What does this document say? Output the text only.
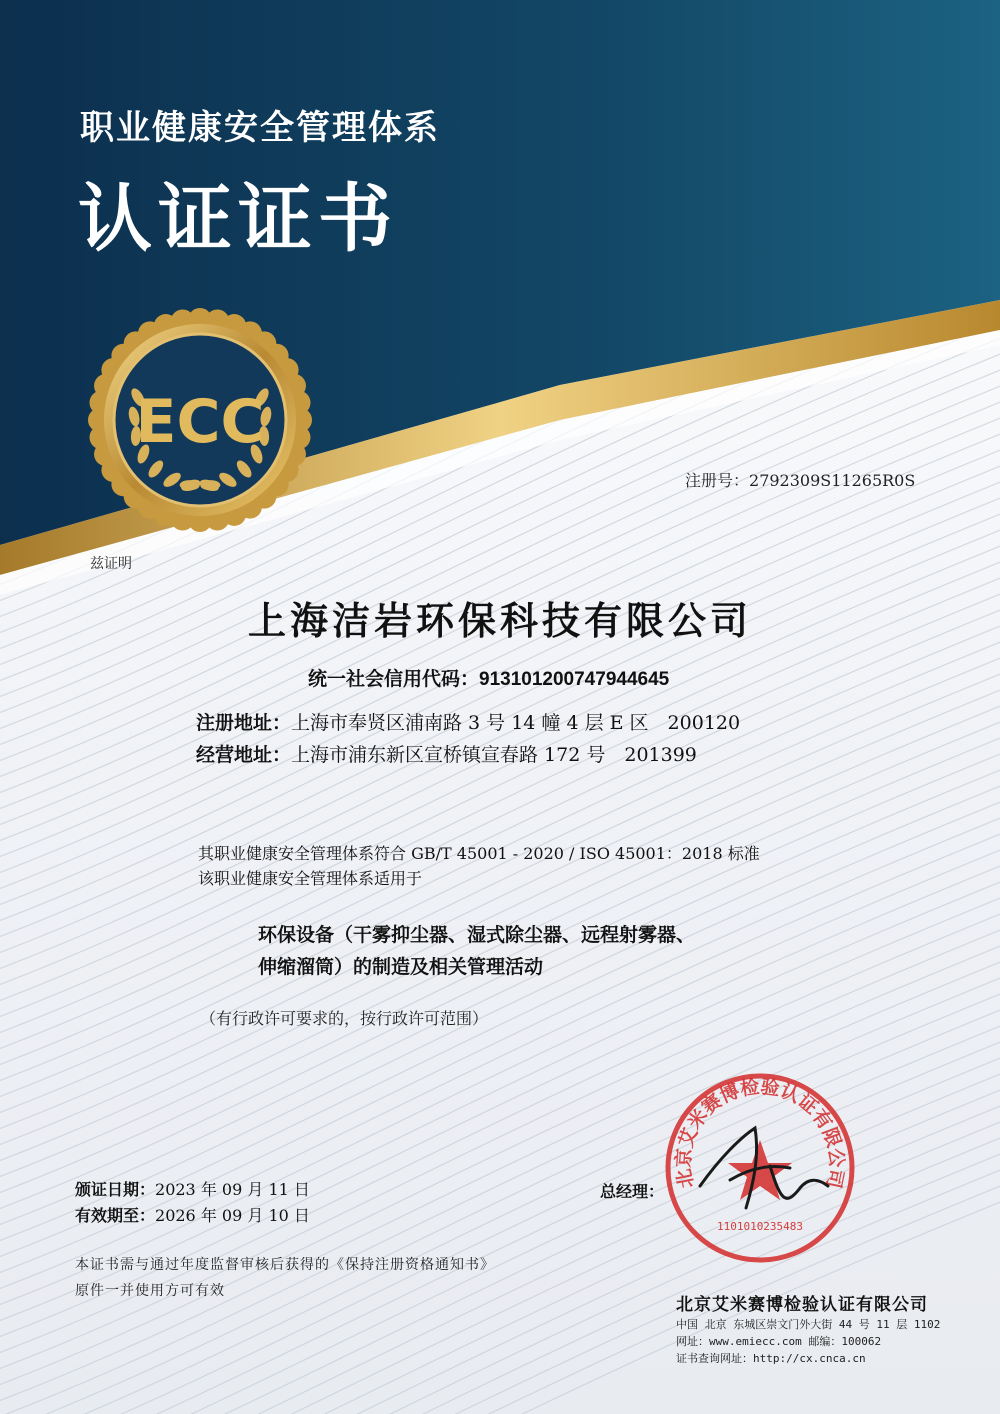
ECC
职业健康安全管理体系
认证证书
注册号：2792309S11265R0S
兹证明
上海洁岩环保科技有限公司
统一社会信用代码：913101200747944645
注册地址：上海市奉贤区浦南路 3 号 14 幢 4 层 E 区　200120
经营地址：上海市浦东新区宣桥镇宣春路 172 号　201399
其职业健康安全管理体系符合 GB/T 45001 - 2020 / ISO 45001：2018 标准
该职业健康安全管理体系适用于
环保设备（干雾抑尘器、湿式除尘器、远程射雾器、
伸缩溜筒）的制造及相关管理活动
（有行政许可要求的，按行政许可范围）
颁证日期：2023 年 09 月 11 日
有效期至：2026 年 09 月 10 日
总经理：
北京艾米赛博检验认证有限公司
1101010235483
本证书需与通过年度监督审核后获得的《保持注册资格通知书》
原件一并使用方可有效
北京艾米赛博检验认证有限公司
中国 北京 东城区崇文门外大街 44 号 11 层 1102
网址：www.emiecc.com 邮编：100062
证书查询网址：http://cx.cnca.cn
